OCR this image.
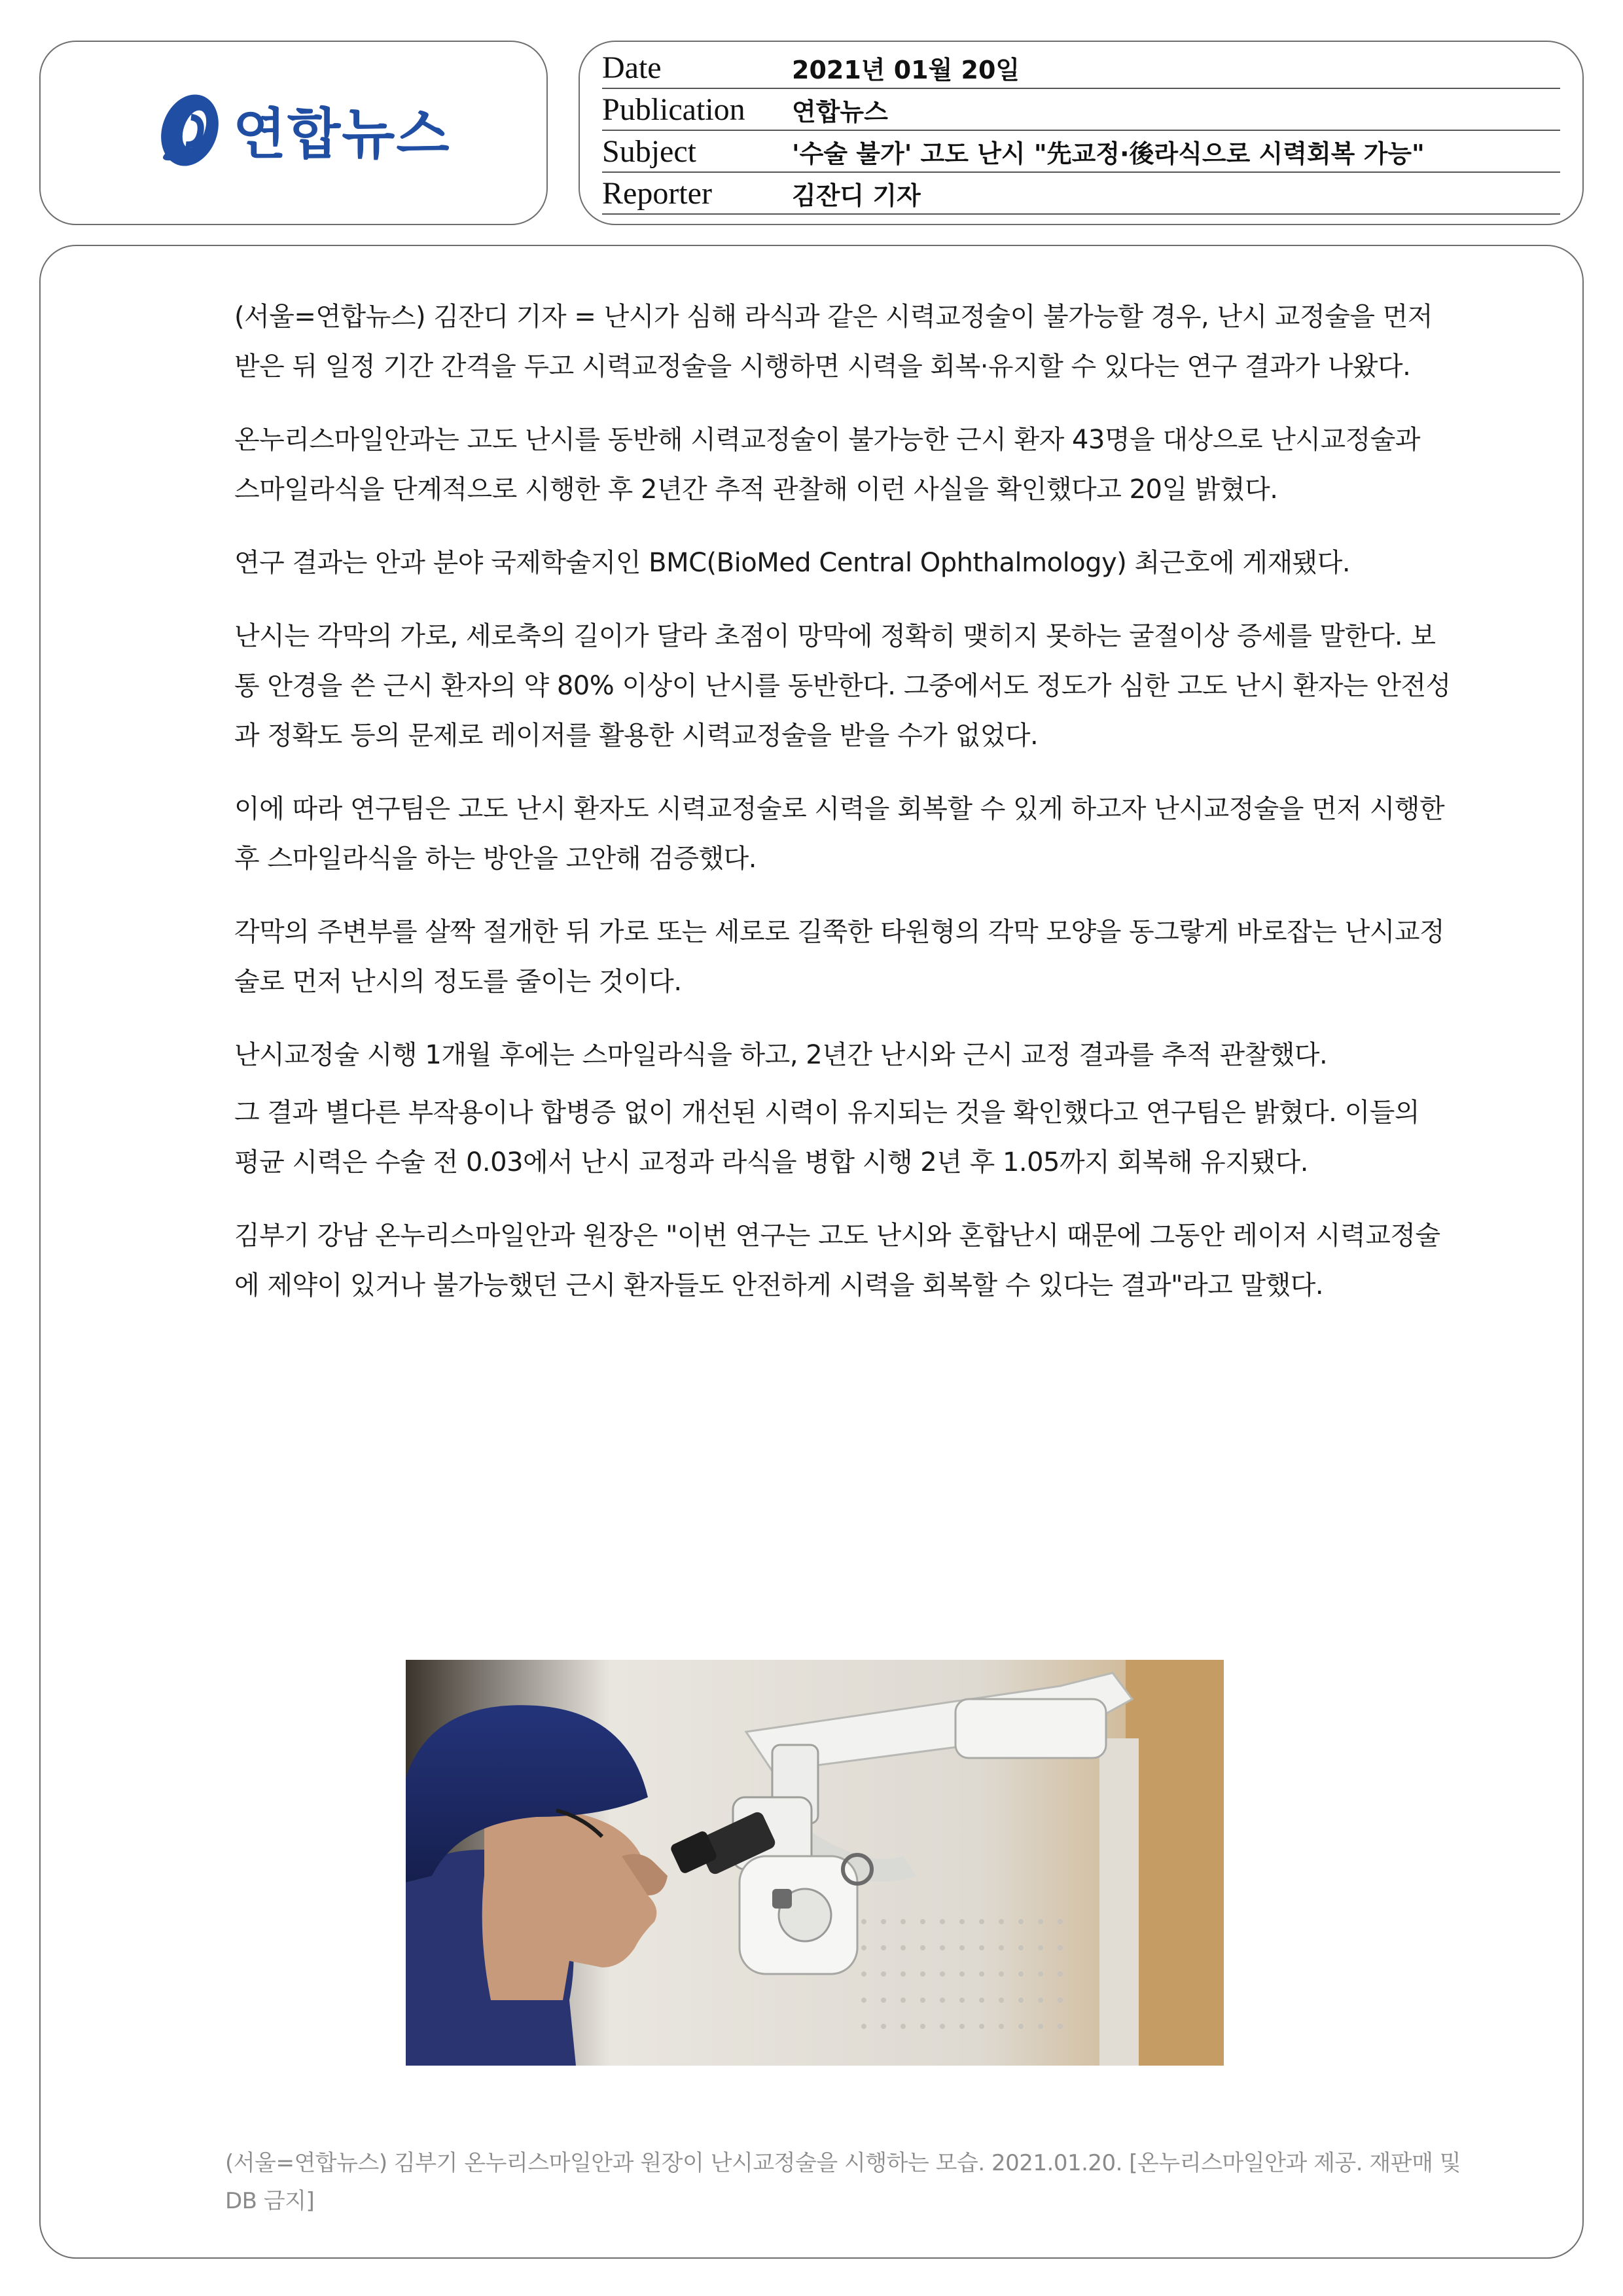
연합뉴스
Date	2021년 01월 20일
Publication	연합뉴스
Subject	'수술 불가' 고도 난시 "先교정·後라식으로 시력회복 가능"
Reporter	김잔디 기자

(서울=연합뉴스) 김잔디 기자 = 난시가 심해 라식과 같은 시력교정술이 불가능할 경우, 난시 교정술을 먼저 받은 뒤 일정 기간 간격을 두고 시력교정술을 시행하면 시력을 회복·유지할 수 있다는 연구 결과가 나왔다.

온누리스마일안과는 고도 난시를 동반해 시력교정술이 불가능한 근시 환자 43명을 대상으로 난시교정술과 스마일라식을 단계적으로 시행한 후 2년간 추적 관찰해 이런 사실을 확인했다고 20일 밝혔다.

연구 결과는 안과 분야 국제학술지인 BMC(BioMed Central Ophthalmology) 최근호에 게재됐다.

난시는 각막의 가로, 세로축의 길이가 달라 초점이 망막에 정확히 맺히지 못하는 굴절이상 증세를 말한다. 보통 안경을 쓴 근시 환자의 약 80% 이상이 난시를 동반한다. 그중에서도 정도가 심한 고도 난시 환자는 안전성과 정확도 등의 문제로 레이저를 활용한 시력교정술을 받을 수가 없었다.

이에 따라 연구팀은 고도 난시 환자도 시력교정술로 시력을 회복할 수 있게 하고자 난시교정술을 먼저 시행한 후 스마일라식을 하는 방안을 고안해 검증했다.

각막의 주변부를 살짝 절개한 뒤 가로 또는 세로로 길쭉한 타원형의 각막 모양을 동그랗게 바로잡는 난시교정술로 먼저 난시의 정도를 줄이는 것이다.

난시교정술 시행 1개월 후에는 스마일라식을 하고, 2년간 난시와 근시 교정 결과를 추적 관찰했다.

그 결과 별다른 부작용이나 합병증 없이 개선된 시력이 유지되는 것을 확인했다고 연구팀은 밝혔다. 이들의 평균 시력은 수술 전 0.03에서 난시 교정과 라식을 병합 시행 2년 후 1.05까지 회복해 유지됐다.

김부기 강남 온누리스마일안과 원장은 "이번 연구는 고도 난시와 혼합난시 때문에 그동안 레이저 시력교정술에 제약이 있거나 불가능했던 근시 환자들도 안전하게 시력을 회복할 수 있다는 결과"라고 말했다.

(서울=연합뉴스) 김부기 온누리스마일안과 원장이 난시교정술을 시행하는 모습. 2021.01.20. [온누리스마일안과 제공. 재판매 및 DB 금지]
